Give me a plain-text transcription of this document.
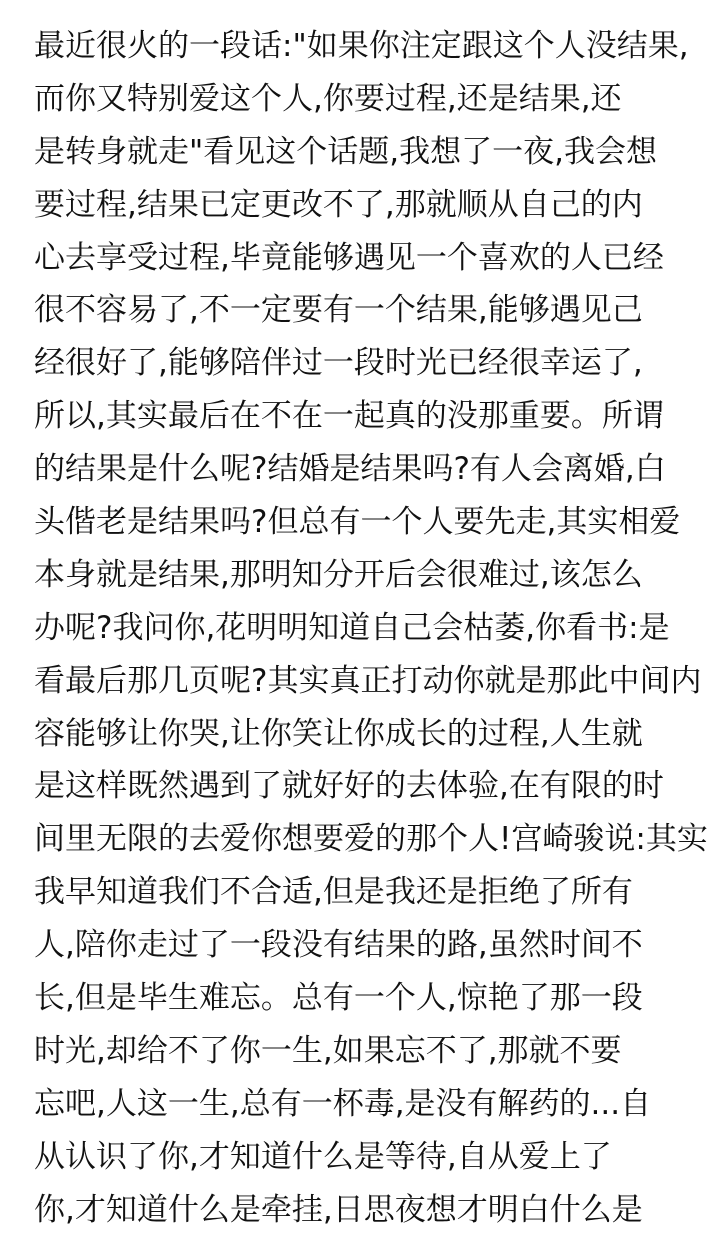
最近很火的一段话:"如果你注定跟这个人没结果,
而你又特别爱这个人,你要过程,还是结果,还
是转身就走"看见这个话题,我想了一夜,我会想
要过程,结果已定更改不了,那就顺从自己的内
心去享受过程,毕竟能够遇见一个喜欢的人已经
很不容易了,不一定要有一个结果,能够遇见己
经很好了,能够陪伴过一段时光已经很幸运了,
所以,其实最后在不在一起真的没那重要。所谓
的结果是什么呢?结婚是结果吗?有人会离婚,白
头偕老是结果吗?但总有一个人要先走,其实相爱
本身就是结果,那明知分开后会很难过,该怎么
办呢?我问你,花明明知道自己会枯萎,你看书:是
看最后那几页呢?其实真正打动你就是那此中间内
容能够让你哭,让你笑让你成长的过程,人生就
是这样既然遇到了就好好的去体验,在有限的时
间里无限的去爱你想要爱的那个人!宫崎骏说:其实
我早知道我们不合适,但是我还是拒绝了所有
人,陪你走过了一段没有结果的路,虽然时间不
长,但是毕生难忘。总有一个人,惊艳了那一段
时光,却给不了你一生,如果忘不了,那就不要
忘吧,人这一生,总有一杯毒,是没有解药的...自
从认识了你,才知道什么是等待,自从爱上了
你,才知道什么是牵挂,日思夜想才明白什么是
